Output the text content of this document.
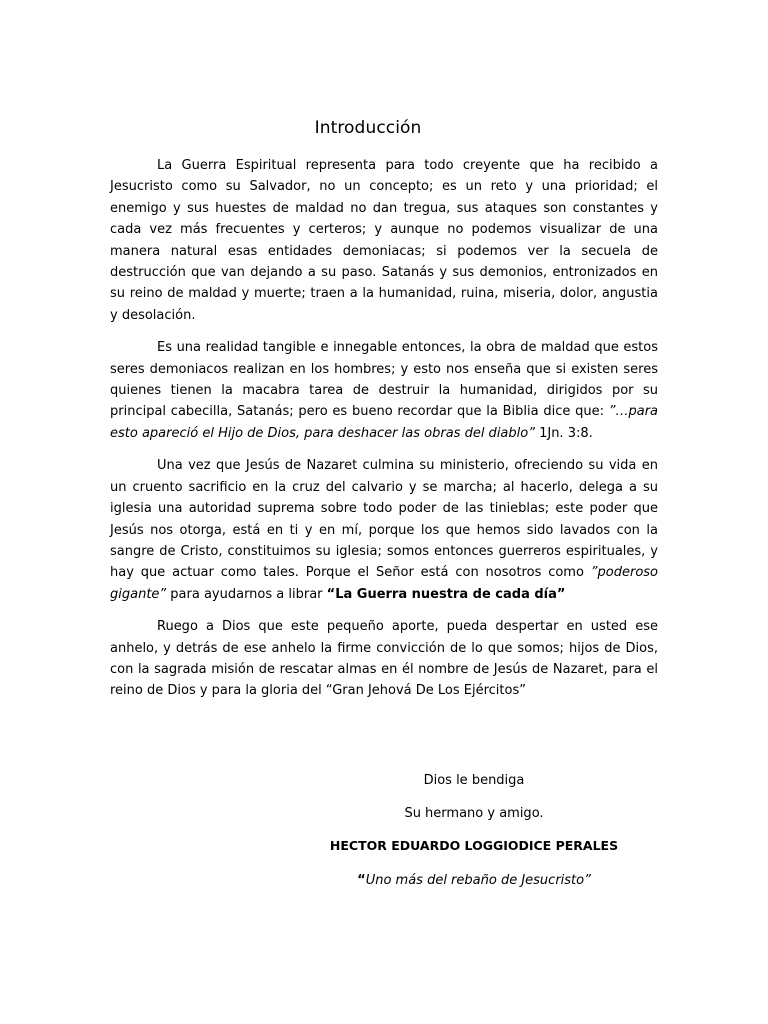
Introducción

La Guerra Espiritual representa para todo creyente que ha recibido a Jesucristo como su Salvador, no un concepto; es un reto y una prioridad; el enemigo y sus huestes de maldad no dan tregua, sus ataques son constantes y cada vez más frecuentes y certeros; y aunque no podemos visualizar de una manera natural esas entidades demoniacas; si podemos ver la secuela de destrucción que van dejando a su paso. Satanás y sus demonios, entronizados en su reino de maldad y muerte; traen a la humanidad, ruina, miseria, dolor, angustia y desolación.

Es una realidad tangible e innegable entonces, la obra de maldad que estos seres demoniacos realizan en los hombres; y esto nos enseña que si existen seres quienes tienen la macabra tarea de destruir la humanidad, dirigidos por su principal cabecilla, Satanás; pero es bueno recordar que la Biblia dice que: ”…para esto apareció el Hijo de Dios, para deshacer las obras del diablo” 1Jn. 3:8.

Una vez que Jesús de Nazaret culmina su ministerio, ofreciendo su vida en un cruento sacrificio en la cruz del calvario y se marcha; al hacerlo, delega a su iglesia una autoridad suprema sobre todo poder de las tinieblas; este poder que Jesús nos otorga, está en ti y en mí, porque los que hemos sido lavados con la sangre de Cristo, constituimos su iglesia; somos entonces guerreros espirituales, y hay que actuar como tales. Porque el Señor está con nosotros como ”poderoso gigante” para ayudarnos a librar “La Guerra nuestra de cada día”

Ruego a Dios que este pequeño aporte, pueda despertar en usted ese anhelo, y detrás de ese anhelo la firme convicción de lo que somos; hijos de Dios, con la sagrada misión de rescatar almas en él nombre de Jesús de Nazaret, para el reino de Dios y para la gloria del “Gran Jehová De Los Ejércitos”

Dios le bendiga
Su hermano y amigo.
HECTOR EDUARDO LOGGIODICE PERALES
“Uno más del rebaño de Jesucristo”
